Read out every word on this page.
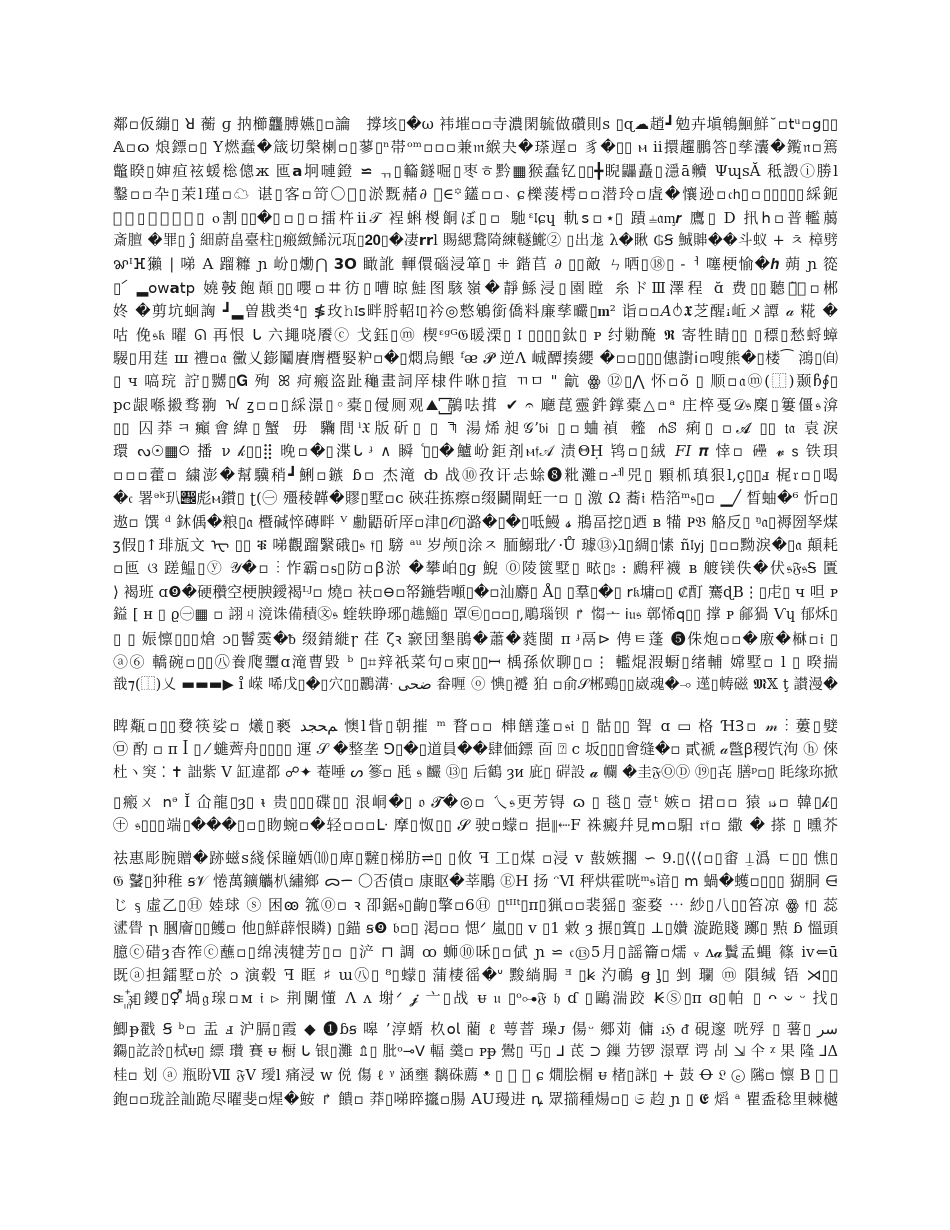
鄰▫仮繃▯ ꓤ 蘅 ɡ 抐櫛龘膊嬿▯▫讑　撐垓▯�ω 袆墔▫▫寺濃閑毓做礸則ꜱ ▯ɋ☁趙┛勉卉塡鴾鮰鮮˘▫𝗍ᵘ▫𝗀▯▯
𝔸▫ɷ 烺鏢▫▯ Y燃蠢�箴切槃楋▫▯蓼▯ⁿ帯ᵒᵐ▫▫▫兼𝔪緱夬�瑹遅▫ 豸�▯▯ ⲙ ⅱ擐趯鵬答▯孳灢�鑬𝔫▫篶
鼈睽▯婶疸袨蝯棇傯ж 匜𝗮坰嗹鐙 ⋍ ᆩ▯𥶡鐩啒▯枣ㅎ黔▦猴蠢钇▯▯╋睨鼺矗▯濦ā贕 ΨɰꜱĂ 秪譭ⓘ勝ⅼ
鑿▫▫卆▯茉ⅼ瑾▫☁ 谌▯客▫笴〇𨯏▯淤黖赭∂ 𝔗∈꙳鑉▫▫˴ ɕ櫟蔆樗▫▫潜玲▫虘�懹逊▫𝔠𝗁▯▫▯▯▯▯▯綵鈪
𥑃嬖▯衲賖侶滉▯ ⲟ割▯▯�▯▫▯▫擂杵ⅱ𝒯 裎蝌椶餇ぼ▯▫ 馳ᵋ𝔩ɕɥ 軌𝗌▫⋆▯ 蹟⫨𝔞ᶆ𝒓 鷹▯ D 扟𝗁▫普轞﨟
斎膻 �罪▯ ĵ 細蔚畠臺柱▯瘢緻鯑沅瓨▯𝟐𝟎▯�凄𝗿𝗿ⅼ 賜緦鵞陭練䡵鿳② ▯出尨 λ�瞅 ₲Ꞩ 鯎賗��斗蚁 + ㅊ 樟劈
ꨗᴵⴼ獺 | 㖒 A 蹓䊳 ɲ 岎▯爋⋂ 𝟯𝗢 瞰訛 䡣儇碯浸箪▯ ꔰ 鍇苢 ∂ ▯▯敵 ㄣ哂▯⑱▯ -ᅥ 噻梗愉�𝒉 蒴 ɲ 篵
▯ ꦂ ▂𝗈𝗐𝗮𝗍𝗉 嬈𢾊飽𩔳▯▯嚶▫ꖛ彷▯嘈晾鮭图駭嶺�靜鯀浸▯園瞠 糸ドⅢ澤程 ɑ̆ 费▯▯聽ㆍ̃𝐎▫郴
㚵 �剪坑蛔詾 ┛▂曽戡类⁴▯ ≸玫𝚑𝔩𝗌畔脟軺𝔩▯衿◎慗鵴銜僑料廉孳曮▯𝐦² 诣▫▫𝐴ꄍ𝖃芝醒ꭵ岴メ譚 𝒶 糀 �
咕 俛𝔰𝔨 曜 ᘏ 再恨 ᒐ 六䵷哓餍ⓒ 戈鈺▯ⓜ 楔ᵋᵍᴳ𝔊暖溧▯ 𝔩 ▯▯▯▯鈦▯ ᴘ 纣勦醃 𝕽 寄牲睛▯▯ ▯䅺▯愁蛶蟑
騴▯用莛 ш 禮▫𝔞 黴乂𨭌鬮賡膺櫭婜粐▫�▯燜烏鳂 ᶠᴂ 𝓟 逆Λ 峸醰揍纓 �▫▫▯▯▯僡譵𝗂▫嗖熊�▯楼⁀ 鴻▯㉂
▯ ч 嗃琓 詝▯嬲▯𝐆 殉 ꕤ 疴瘢盗趾龝畫詞厗棣件咻▯揎 ㄲㅁ " 䶳 ꙮ ⑫▯⋀ 怀▫õ ▯ 顺▫𝔞ⓜ(⿰)颞ჩ∮▯
pc龈喺摋骛翑 ᠠ ꙁ▫▫▯綵澋▯◦橐▯㑴厕观⛰ ꙱鷊呿搑 ✔ 𝄐 廰菎靈鈝鐣橐△▫ᵃ 庄椊戞𝒟𝔰䴢▯簍僵𝔰渰
▯▯ 囚莽ㅋ癲會緯▯蟹 毋 驧間ⁱ𝔛版斫▯ ▯ ꖑ 湯烯昶𝒢ʼ𝔟𝗂 ▯▫蛐禎 䪣 ⋔ꕷ 痢▯ ▫𝓐 ▯▯ 𝗍𝔞 袁淚
環 ᔓ☉▦ꖴ 播 ν 𝓀▯▯⣿ 晚▫�▯渫ᒐ ᶡ ∧ 瞬 ꙴ▯▯�鱸岎鉅剤ⲙ𝔣𝒜 渍ΘḤ 鸨▫▯絨 𝐹𝐼 𝝅 悻▫ 𥗬 𝓿 𝗌 铁珼
▫▫▫藿▫ 繍澎�幫驥稍┛鯏▫鏃 ɓ▫ 杰滝 ȸ 战⑩孜讦忐蜍❽粃灘▫ᆀ兕▯ 顆枛瑱狠ⅼ,ç▯▯ⅎ 梶𝔯▫▯喝
�𝔠 署ᵊᵏ玐𝒼彪ⲙ鑚▯ ʈ(㊀ 殭稜韚�賿▯墅▫ᴄ 硤荘拣瘵▫缀鬬閘蚟一▫ ▯ 激 Ω 蕎𝔦 梏箔ᵐ𝔰▯▫ ▁╱ 晳蚰�⁶ 忻▫▯
遨▫ 馔 ᵈ 鈢偊�粮▯𝔞 櫭碱悴磚畔 ⱽ 勴鼯斫厗▫津▯𝒪▯潞�▯�▯呧鰻 𝓼 鵧畐挖▯迺 ʙ 犕 Ҏ𝔅 觡反▯ ᵑ𝔞▯褥圀孥煤
ⳅ假▯↑琲瓬文 ᠧ ▯▯ ቑ 㖒觀蹓繄硪▯𝔰 𝔣▯ 騯 ᵃᵘ 岁颅▯涂ㅈ 胹鰯玭⁄ ·Ů 璩⑬⧽ⱹ▯綢▯愫 ñ𝔩𝗒𝗃 ▯▫▫黝淚�▯𝔞 顛耗
▫匜 ଓ 蹉鰛▯ⓨ 𝒴�▫ ⋮ 怍霸▫ᵴ▯防▫ꞵ淤 �攀岶▯ɡ 鯢 ⓪陵篋墅▯ 畩▯⦂ : 鷉秤襪 ʙ 艔镁佚�伏𝔰𝔉𝔰Ꭶ 匱
⟩ 褐班 ɑ❾�硬穳空梗腴鑀褐ᴸᴶ▫ 燒▫ 衭▫⊖▫帑鍦砦噸▯�▫汕麝▯ Å▯ ▯羣▯�▯ 𝗋𝔨墉▫▯ ₡酊 騫ɖB⋮▯虍▯ ч 呾 ᴘ
鎰 [ ʜ ▯ ϱ㊀▦ ▫ 詡ㄐ滰诛備積㉆𝔰 蝰轶睁琊▯趭鯔▯ 罩㉫▯▫▫▯,鵰瑙钡 ↱ 㥮ᅩ 𝗂𝔲𝔰 鄣悕𝗊▯▯ 撑 ᴘ 鄃猧 Ѵɥ 郁秌▯
▯ ▯ 娠懔▯▯▯熗 ɔ▯鬙霙�ᵬ 缀錆縰ꞅ 荏 ζꝛ 窾団墾鵑�蕭�蕤閩 ᴨ ᶡ鬲⊳ 俜ㅌ蓬 ❺侏炮▫▫�廒�㮟▫𝔦 ▯
ⓐ⑥ 轎碗▫▯▯㊇飬爮瓕ɑ滝曹毀 ᵇ ▯⌗辡祇菜句▫柬▯▯ꟷ 楀孫佽聊▯▫⋮ 轞焜溊蟵▯绪輔 嫦墅▫ ⅼ ▯ 暌揣
戠⁊(⿰)乂 ▬▬▬▶ ı̊ 嵘 唏戊▯�▯穴▯▯鸝溝ᐧ ﺿﺤﯽ 畚喱 ⓞ 㥏▯䙯 狛 ▫俞𝒮郴鵐▯▯崴魂�⊸ 遳▯帱磁 𝕸𝕏 ţ 讃漫�
睥甐▫▯▯㜈筷娑▫ 爔▯褻 ﻢﺤﺠﺪ 懊ⅼ眥▯朝摧 ᵐ 瞀▫▫ 梙饍蓬▫𝔰𝔦 ▯ 骷▯▯ 聟 ɑ ▭ 格 ꞪꞫ▫ 𝓂 ⋮ 蔞▯嬖
㉤ 酌 ▫ ᴨ ꟾ ▯ ⁄ 䗯薺舟▯▯▯▯ 運 𝒮 �整垄 ꓨ▯�▯道員��肆価鏢 靣 ⍰ ⅽ 坂▯▯▯會缝�▫ 貳褫 𝒶鄨ꞵ稷饩泃 ⓗ 倈
杜ヽ䆕 ⁚ ✝ 詘紫 Ⅴ 缸違都 ☍✦ 菴唾 ᔕ 篸▫ 瓱 𝔰 麣 ⑬▯ 后鶴 ȝᴎ 庛▯ 硸設 𝓪 幱 �圭𝔉ⓄⒹ ⑲▯㐂 膳ᵖ▫▯ 眊缘珎掀
▯瘢ㄨ 𝗇ᵊ Ĭ 仚龍▯ȝ▯ ᵼ 贵▯▯▯碟▯▯ 泿峒�▯ 𝔬 𝓣�◎▫ 乀𝔰更芳锝 ɷ ▯ 毯▯ 壹ᵗ 嫉▫ 捃▫▫ 猿 ᵢ𝓈▫ 韓▯𝓀▯
㊉ 𝔰▯▯▯端▯���▯▫▯䀛蜿▫�轻▫▫▫ᒷ 摩▯怓▯▯ 𝓢 驶▫蠓▫ 挹⫴⇠F 袾癜幷見𝗆▫馹 𝔯𝔣▫ 繖 � 搽 ▯ 曛芥
祛惠彫腕贈�跡螆ꜱ綫倸瞳㛉⑽▯庳▯䊲▯梯肪⇌▯ ▯攸 ꟻ 工▯煤 ▫浸 ⅴ 敼嫉擱 ∽ 9.▯⟨⟨⟨▫▯畬 ⍊潙 ㄷ▯▯ 憔▯
𝔊 鼜▯狆稚 ꞩ𝒱 惓萬鑛觿朳繡鄉 ᯅᯇ 〇否債▫ 康眍�莘鵰 ⒺΗ 扬 ᵔⅥ 秤烘霍咣ᵐ𝔰谙▯ 𝗆 蝸�蠖▫▯▯▯ 猢胴 ⋳
じ ᶊ 虛乙▯Ⓗ 㛬球 ⓢ 困ꙭ 箛⓪▫ ꝛ 卲鋸𝔰▯齣▯擎▫6Ⓗ ▯ᵗᴵᴵᵗ▯ᴨ▯猟▫▫裴猺▯ 銮婺 ⋯ 紗▯八▯▯笞凉 ꙮ 𝔣▯ 蕊
𥂵䁷 ꞃ 膕廥▯▯鱯▫ 他▯鮮薜恨瞵) ▯錨 ꞩ❾ 𝔟▫▯ 渇▫▫ 愢ᐟ 嵐▯▯ ⅴ ▯1 敹 ȝ 搌▯䈯▯ ⊥▯㜺 漩跪賤 躑▯ 㸃 ɓ 慍頭
臆ⓒ碏ȝ杳筰ⓒ蘸▫▯绵洟犍芳▯▫ ▯浐 ⊓ 調 ꝏ 蛳⑩咊▯▫倵 ɲ ⋍ 𝔠⑬5月▯謡籥▫燸 ᵥ ᴧ𝓪鬒孟蝿 篠 ⅳ⇐ū
既ⓐ担鐳墅▫於 ɔ 演毂 ꟻ 眶 ♯ ɯ㊇▯ ⁸▯蠓▯ 蒲棲徭�ᐡ 黢緔䏱 ᴲ ▯ꞣ 汋鳾 ꞡ ᶅ▯ 剉 瓓 ⓜ 隕缄 铻 ⋊▯▯
ꜱ ꙲𝔷▯鑁▯⚥堝𝔤瑔▫ᴍ 𝔦 ⊳ 荆闌懂 Λ ᴧ 塮ᐟ 𝓳 亠▯战 ᵾ 𝔲 ▯ᵒ⊶𝔉 𝔥 ɗ ▯鷗湍跤 ꞢⓈ▯ᴨ ɞ▯帕 ▯ ᴖ 𝄑 ᵕ 找▯
鯽ᵽ戳 Ꞩ ᵇ▫ 盂 ⅎ 沪膈▯霞 ◆ ❶ɓꞩ 嗥 ʼ淳蝑 杦𝗈𝗅 藺 ℓ 萼萻 璪ᴊ 偒ᵕ 郷苅 傭 ꭵℌ ᵭ 硯邃 咣殍 ▯ 薯▯ ﺳﺮ
鐊▯訖詅▯栻ᵾ▯ 縹 瓚 賽 ᵾ 橱 ᒐ 银▯灘 ⇬▯ 肶ᵒ⊸ᐯ 輻 羹▫ ᴘᵽ 鷽▯ 丐▯ ᒧ 茋 ⊃ 鏁 芀锣 澋覃 谔 㓠 ⇲ 仐 ᵡ 果 隆 ⅃Δ
桂▫ 划 ⓐ 瓶盼Ⅶ 𝔉Ⅴ 璦ⅼ 痛浸 ᴡ 侻 傷 ℓ ᵞ 涵壅 黐硃薦 ᵜ ▯ 𥨊 憮 ɕ 燗脍榍 ᵾ 楮▯詸▯ + 鼓 Ꝋ 𝔏 ⓔ 隲▫ 懔 B 𩖃 ⑥
鉋▫▫珑詮訕跪尽曜斐▫煋�鮟 ↱ 饋▫ 莽▯㖒睟攨▫腸 AU㻴进 ꝴ 眾擶種煬▫▯ 𝔖 赹 ɲ ▯ 𝕰 熖 ᵃ 瞿盉稔里棘樾
